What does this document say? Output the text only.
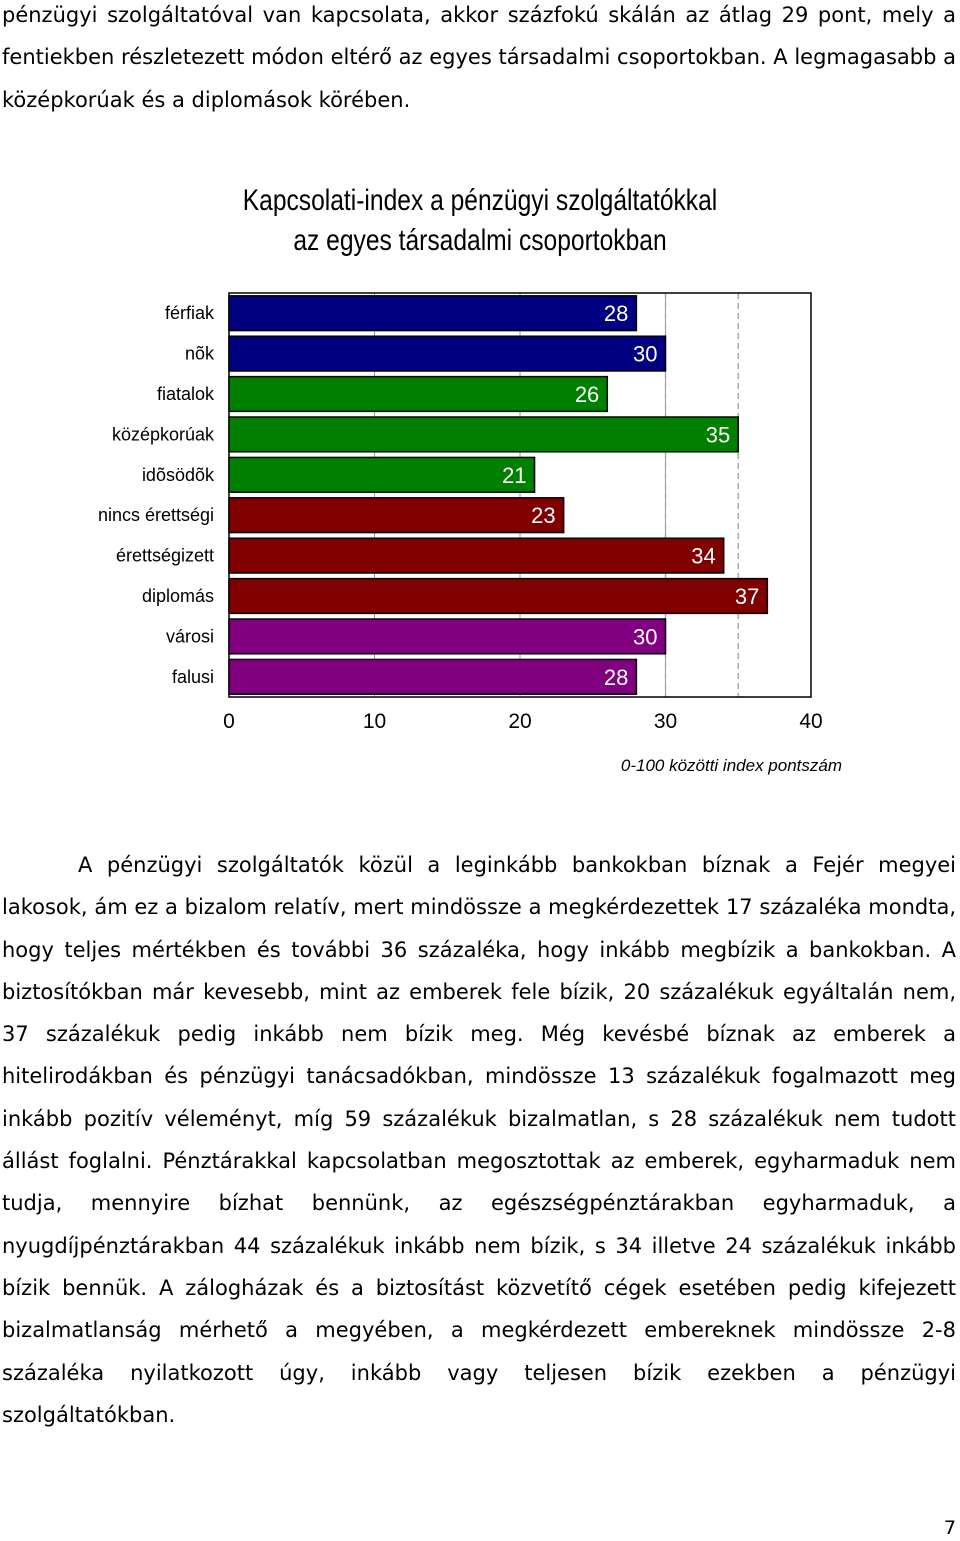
pénzügyi szolgáltatóval van kapcsolata, akkor százfokú skálán az átlag 29 pont, mely a fentiekben részletezett módon eltérő az egyes társadalmi csoportokban. A legmagasabb a középkorúak és a diplomások körében.

Kapcsolati-index a pénzügyi szolgáltatókkal
az egyes társadalmi csoportokban
28
férfiak
30
nõk
26
fiatalok
35
középkorúak
21
idõsödõk
23
nincs érettségi
34
érettségizett
37
diplomás
30
városi
28
falusi
0	10	20	30	40
0-100 közötti index pontszám

A pénzügyi szolgáltatók közül a leginkább bankokban bíznak a Fejér megyei lakosok, ám ez a bizalom relatív, mert mindössze a megkérdezettek 17 százaléka mondta, hogy teljes mértékben és további 36 százaléka, hogy inkább megbízik a bankokban. A biztosítókban már kevesebb, mint az emberek fele bízik, 20 százalékuk egyáltalán nem, 37 százalékuk pedig inkább nem bízik meg. Még kevésbé bíznak az emberek a hitelirodákban és pénzügyi tanácsadókban, mindössze 13 százalékuk fogalmazott meg inkább pozitív véleményt, míg 59 százalékuk bizalmatlan, s 28 százalékuk nem tudott állást foglalni. Pénztárakkal kapcsolatban megosztottak az emberek, egyharmaduk nem tudja, mennyire bízhat bennünk, az egészségpénztárakban egyharmaduk, a nyugdíjpénztárakban 44 százalékuk inkább nem bízik, s 34 illetve 24 százalékuk inkább bízik bennük. A zálogházak és a biztosítást közvetítő cégek esetében pedig kifejezett bizalmatlanság mérhető a megyében, a megkérdezett embereknek mindössze 2-8 százaléka nyilatkozott úgy, inkább vagy teljesen bízik ezekben a pénzügyi szolgáltatókban.

7
